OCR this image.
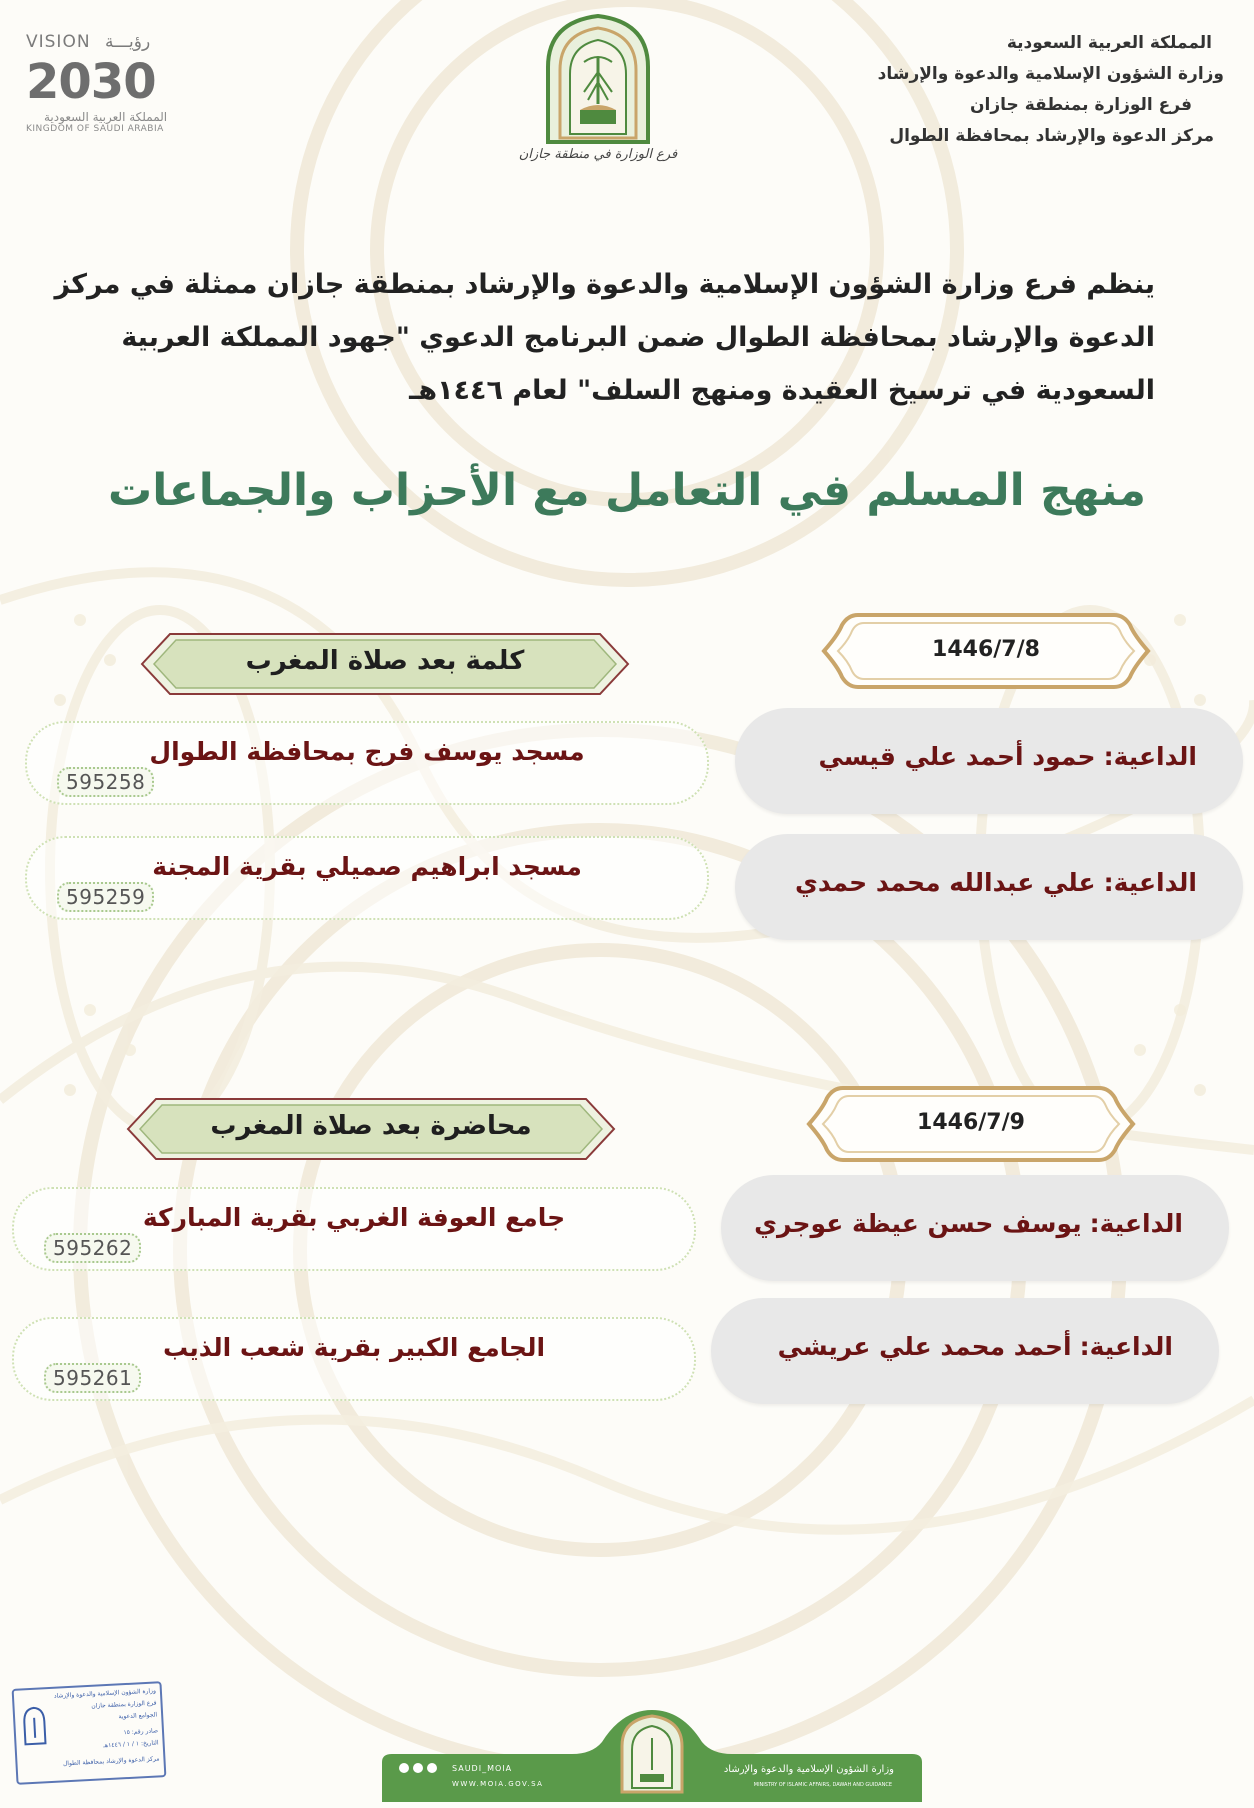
المملكة العربية السعودية
وزارة الشؤون الإسلامية والدعوة والإرشاد
فرع الوزارة بمنطقة جازان
مركز الدعوة والإرشاد بمحافظة الطوال
VISION رؤيـــة
2030
المملكة العربية السعودية
KINGDOM OF SAUDI ARABIA
فرع الوزارة في منطقة جازان
ينظم فرع وزارة الشؤون الإسلامية والدعوة والإرشاد بمنطقة جازان ممثلة في مركز
الدعوة والإرشاد بمحافظة الطوال ضمن البرنامج الدعوي "جهود المملكة العربية
السعودية في ترسيخ العقيدة ومنهج السلف" لعام ١٤٤٦هـ
منهج المسلم في التعامل مع الأحزاب والجماعات
1446/7/8
كلمة بعد صلاة المغرب
الداعية:حمود أحمد علي قيسي
مسجد يوسف فرج بمحافظة الطوال
595258
الداعية:علي عبدالله محمد حمدي
مسجد ابراهيم صميلي بقرية المجنة
595259
1446/7/9
محاضرة بعد صلاة المغرب
الداعية:يوسف حسن عيظة عوجري
جامع العوفة الغربي بقرية المباركة
595262
الداعية:أحمد محمد علي عريشي
الجامع الكبير بقرية شعب الذيب
595261
وزارة الشؤون الإسلامية والدعوة والإرشاد
فرع الوزارة بمنطقة جازان
الجوامع الدعوية
صادر رقم: ١٥
التاريخ: ١ / ١ / ١٤٤٦هـ
مركز الدعوة والإرشاد بمحافظة الطوال
SAUDI_MOIA
WWW.MOIA.GOV.SA
وزارة الشؤون الإسلامية والدعوة والإرشاد
MINISTRY OF ISLAMIC AFFAIRS, DAWAH AND GUIDANCE
